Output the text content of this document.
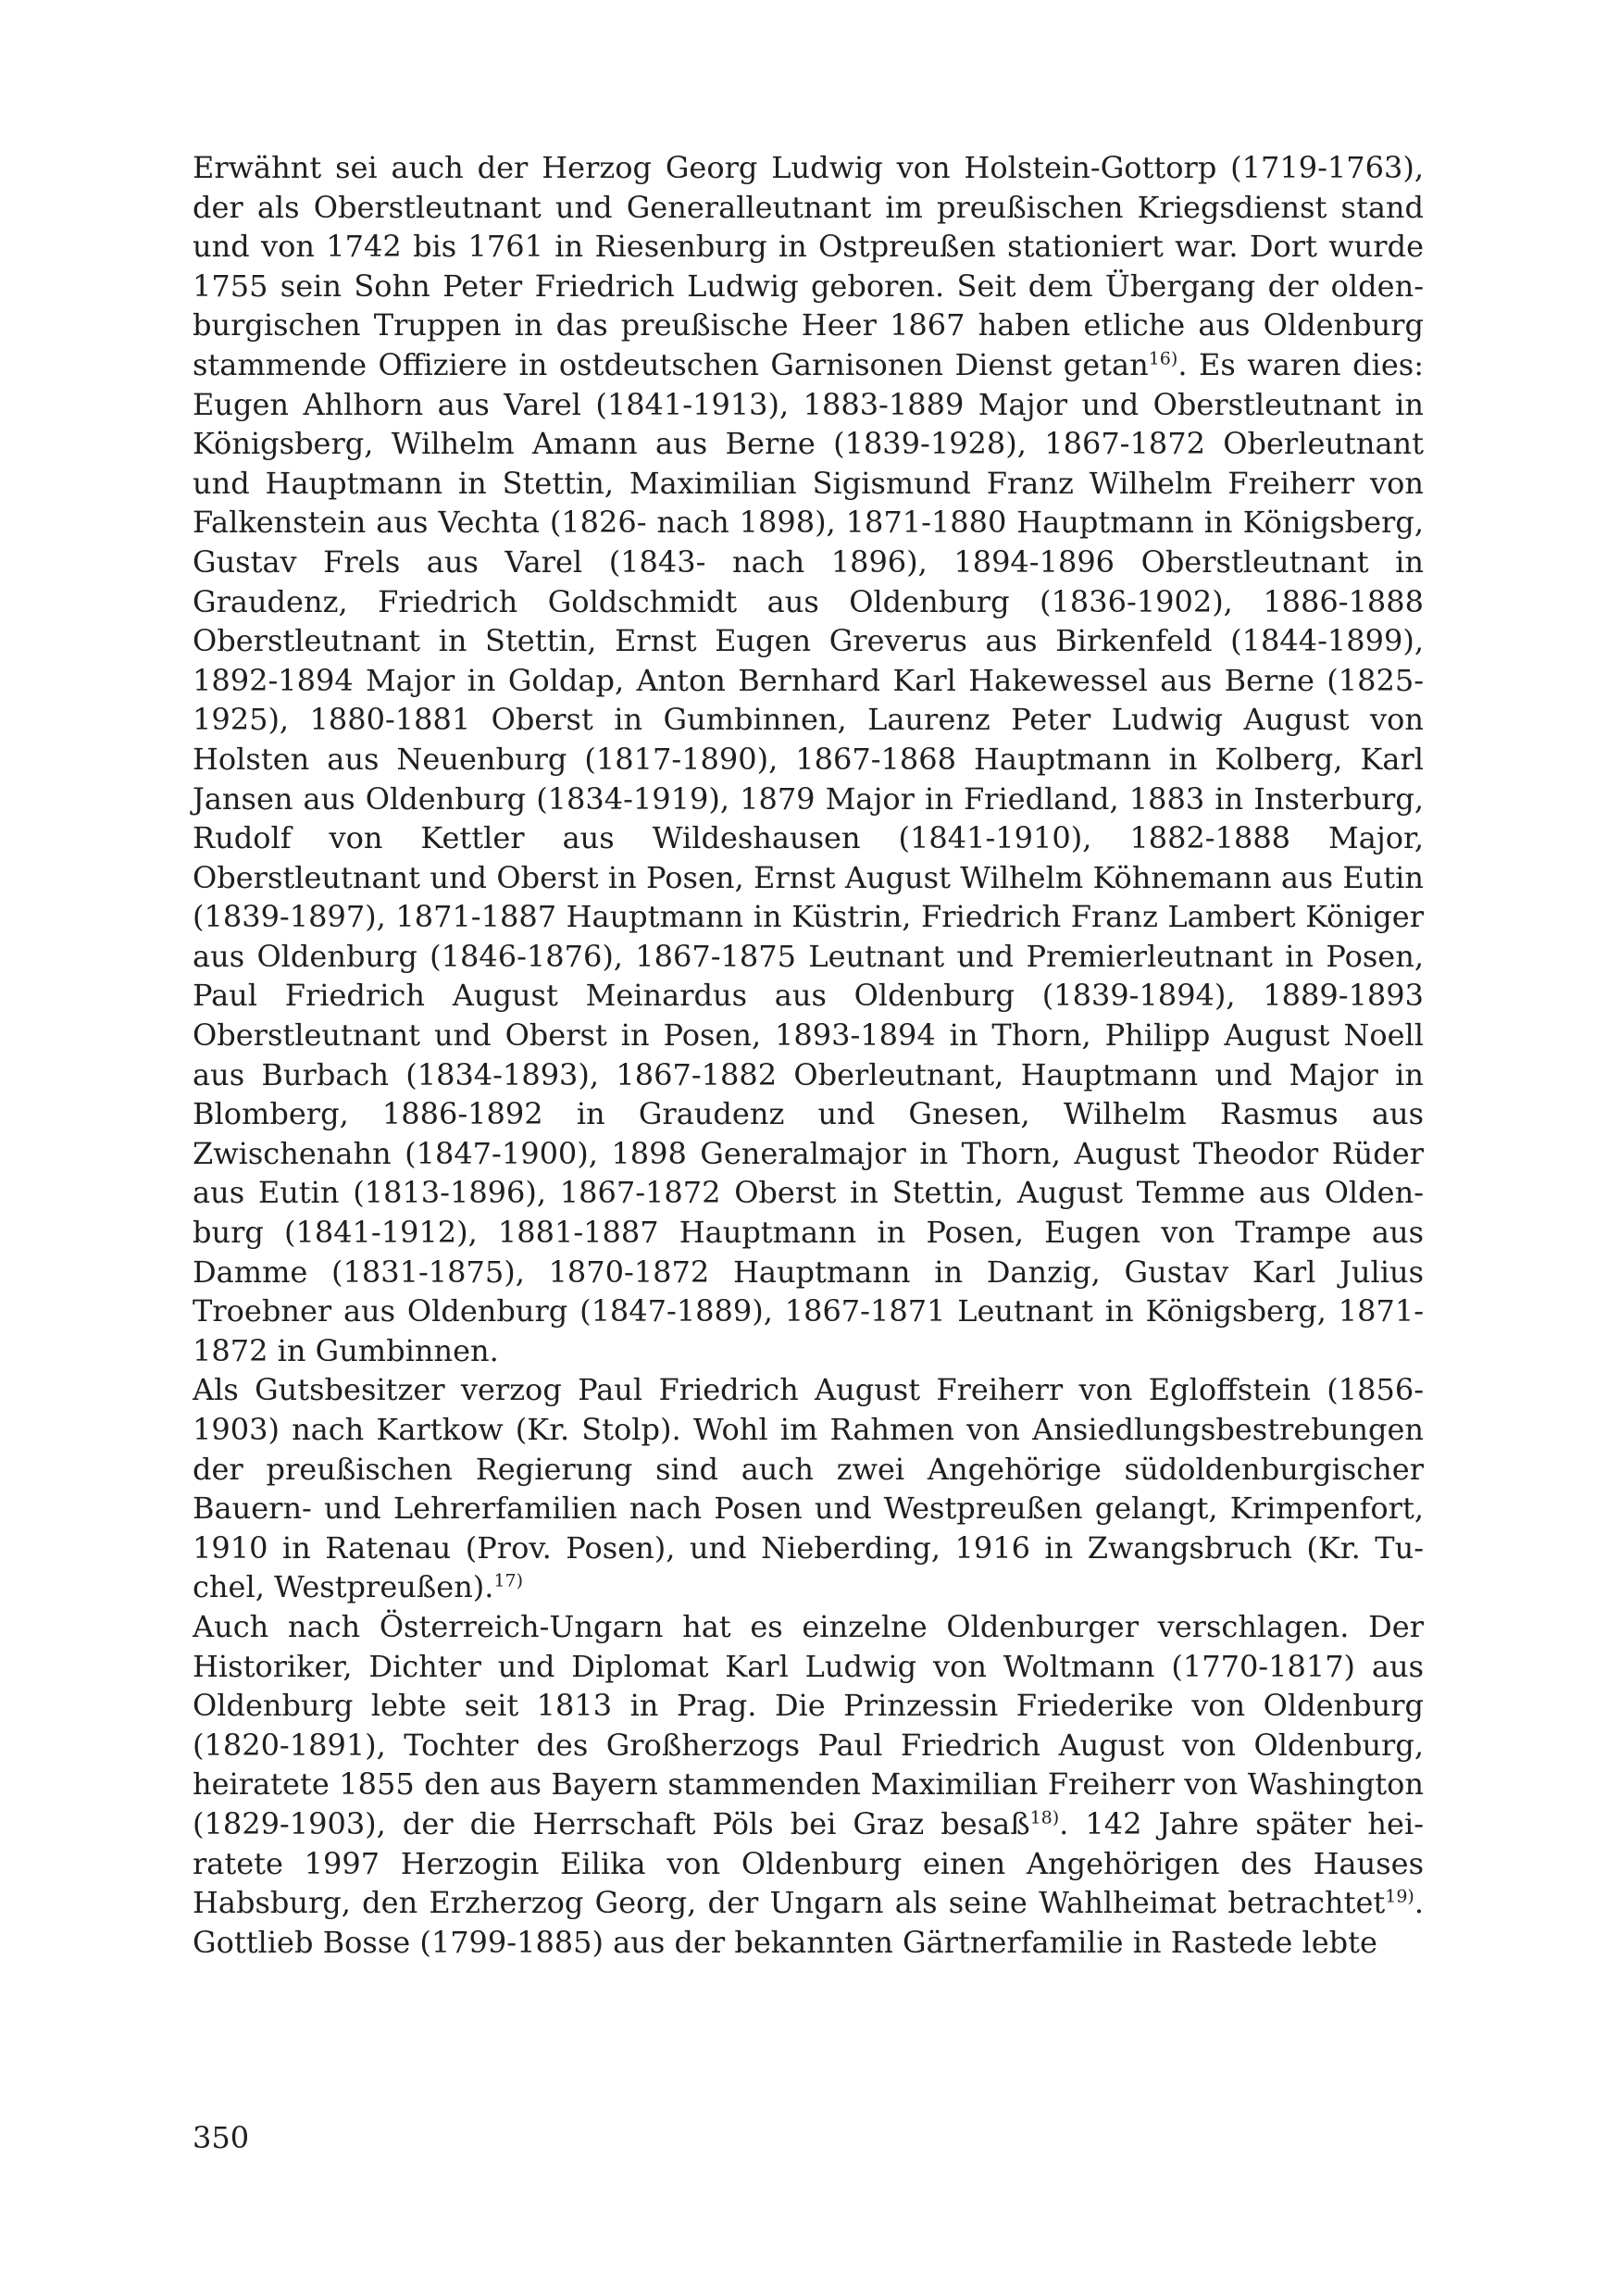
Erwähnt sei auch der Herzog Georg Ludwig von Holstein-Gottorp (1719-1763), der als Oberstleutnant und Generalleutnant im preußischen Kriegsdienst stand und von 1742 bis 1761 in Riesenburg in Ostpreußen stationiert war. Dort wurde 1755 sein Sohn Peter Friedrich Ludwig geboren. Seit dem Übergang der oldenburgischen Truppen in das preußische Heer 1867 haben etliche aus Oldenburg stammende Offiziere in ostdeutschen Garnisonen Dienst getan$^{16)}$. Es waren dies: Eugen Ahlhorn aus Varel (1841-1913), 1883-1889 Major und Oberstleutnant in Königsberg, Wilhelm Amann aus Berne (1839-1928), 1867-1872 Oberleutnant und Hauptmann in Stettin, Maximilian Sigismund Franz Wilhelm Freiherr von Falkenstein aus Vechta (1826- nach 1898), 1871-1880 Hauptmann in Königsberg, Gustav Frels aus Varel (1843- nach 1896), 1894-1896 Oberstleutnant in Graudenz, Friedrich Goldschmidt aus Oldenburg (1836-1902), 1886-1888 Oberstleutnant in Stettin, Ernst Eugen Greverus aus Birkenfeld (1844-1899), 1892-1894 Major in Goldap, Anton Bernhard Karl Hakewessel aus Berne (1825-1925), 1880-1881 Oberst in Gumbinnen, Laurenz Peter Ludwig August von Holsten aus Neuenburg (1817-1890), 1867-1868 Hauptmann in Kolberg, Karl Jansen aus Oldenburg (1834-1919), 1879 Major in Friedland, 1883 in Insterburg, Rudolf von Kettler aus Wildeshausen (1841-1910), 1882-1888 Major, Oberstleutnant und Oberst in Posen, Ernst August Wilhelm Köhnemann aus Eutin (1839-1897), 1871-1887 Hauptmann in Küstrin, Friedrich Franz Lambert Königer aus Oldenburg (1846-1876), 1867-1875 Leutnant und Premierleutnant in Posen, Paul Friedrich August Meinardus aus Oldenburg (1839-1894), 1889-1893 Oberstleutnant und Oberst in Posen, 1893-1894 in Thorn, Philipp August Noell aus Burbach (1834-1893), 1867-1882 Oberleutnant, Hauptmann und Major in Blomberg, 1886-1892 in Graudenz und Gnesen, Wilhelm Rasmus aus Zwischenahn (1847-1900), 1898 Generalmajor in Thorn, August Theodor Rüder aus Eutin (1813-1896), 1867-1872 Oberst in Stettin, August Temme aus Oldenburg (1841-1912), 1881-1887 Hauptmann in Posen, Eugen von Trampe aus Damme (1831-1875), 1870-1872 Hauptmann in Danzig, Gustav Karl Julius Troebner aus Oldenburg (1847-1889), 1867-1871 Leutnant in Königsberg, 1871-1872 in Gumbinnen.

Als Gutsbesitzer verzog Paul Friedrich August Freiherr von Egloffstein (1856-1903) nach Kartkow (Kr. Stolp). Wohl im Rahmen von Ansiedlungsbestrebungen der preußischen Regierung sind auch zwei Angehörige südoldenburgischer Bauern- und Lehrerfamilien nach Posen und Westpreußen gelangt, Krimpenfort, 1910 in Ratenau (Prov. Posen), und Nieberding, 1916 in Zwangsbruch (Kr. Tuchel, Westpreußen).$^{17)}$

Auch nach Österreich-Ungarn hat es einzelne Oldenburger verschlagen. Der Historiker, Dichter und Diplomat Karl Ludwig von Woltmann (1770-1817) aus Oldenburg lebte seit 1813 in Prag. Die Prinzessin Friederike von Oldenburg (1820-1891), Tochter des Großherzogs Paul Friedrich August von Oldenburg, heiratete 1855 den aus Bayern stammenden Maximilian Freiherr von Washington (1829-1903), der die Herrschaft Pöls bei Graz besaß$^{18)}$. 142 Jahre später heiratete 1997 Herzogin Eilika von Oldenburg einen Angehörigen des Hauses Habsburg, den Erzherzog Georg, der Ungarn als seine Wahlheimat betrachtet$^{19)}$. Gottlieb Bosse (1799-1885) aus der bekannten Gärtnerfamilie in Rastede lebte

350
